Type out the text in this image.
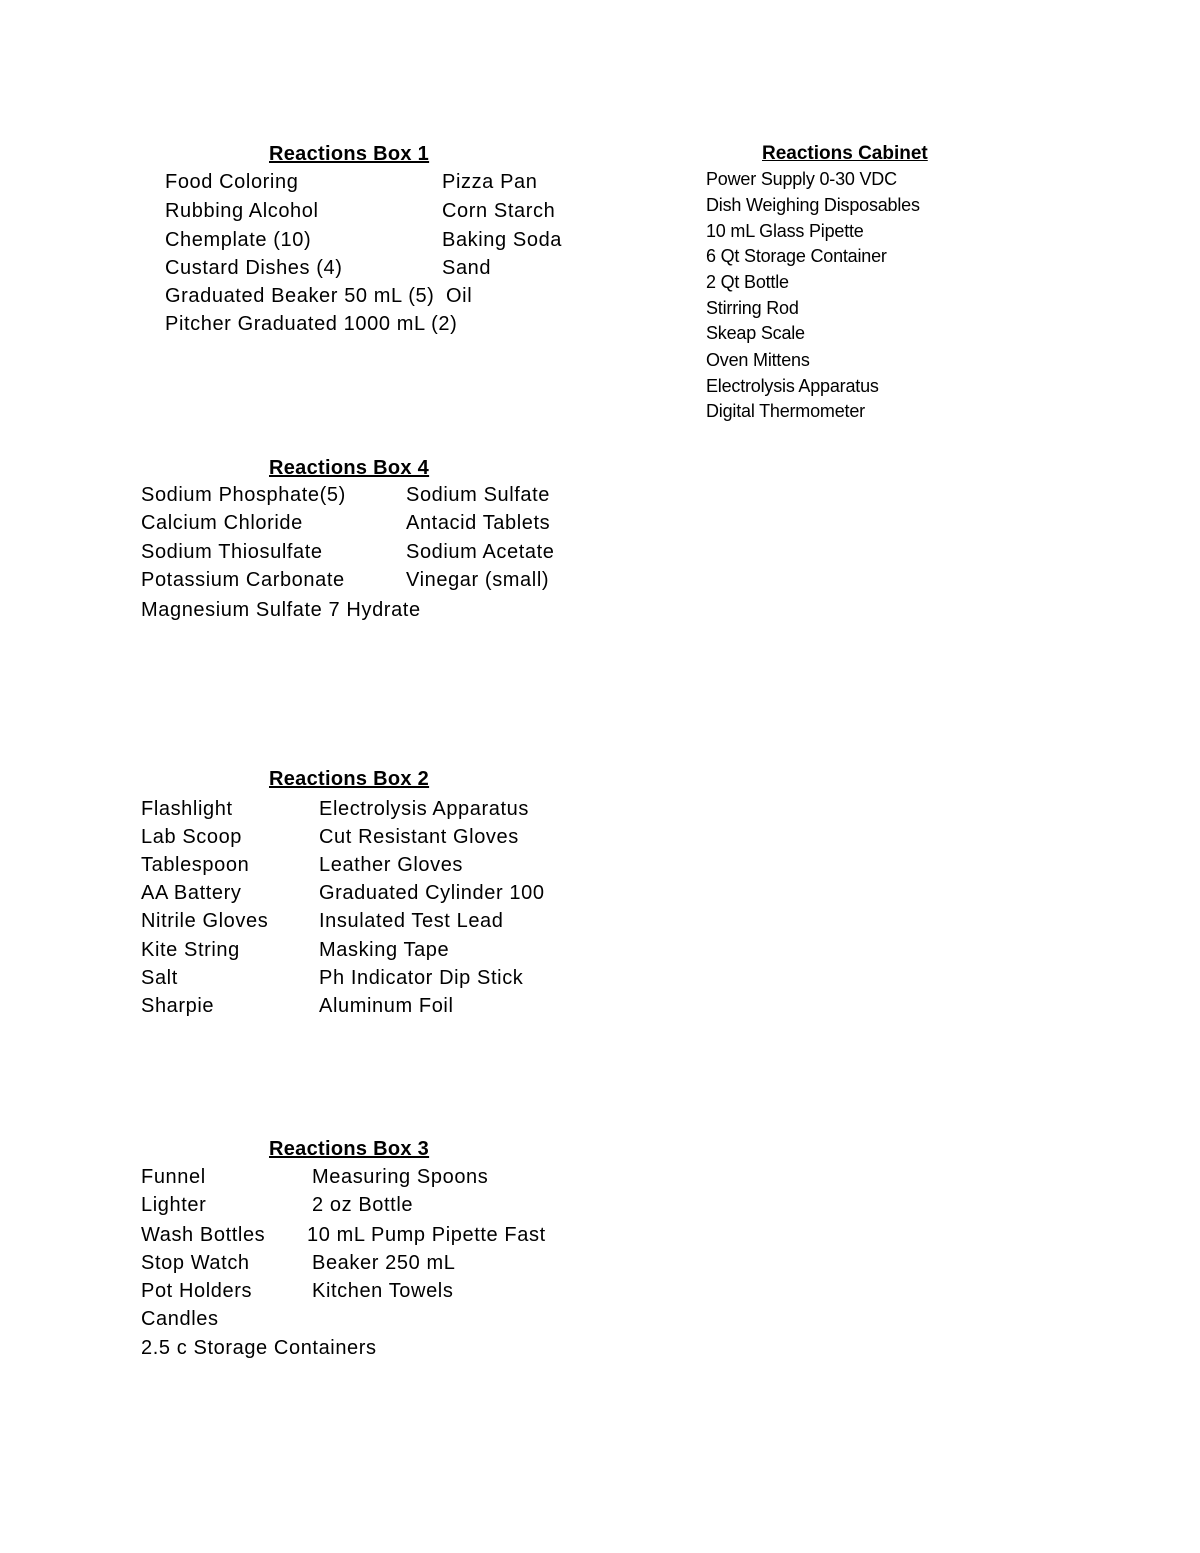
Reactions Box 1
Food Coloring
Rubbing Alcohol
Chemplate (10)
Custard Dishes (4)
Graduated Beaker 50 mL (5)
Pitcher Graduated 1000 mL (2)
Pizza Pan
Corn Starch
Baking Soda
Sand
Oil
Reactions Cabinet
Power Supply 0-30 VDC
Dish Weighing Disposables
10 mL Glass Pipette
6 Qt Storage Container
2 Qt Bottle
Stirring Rod
Skeap Scale
Oven Mittens
Electrolysis Apparatus
Digital Thermometer
Reactions Box 4
Sodium Phosphate(5)
Calcium Chloride
Sodium Thiosulfate
Potassium Carbonate
Magnesium Sulfate 7 Hydrate
Sodium Sulfate
Antacid Tablets
Sodium Acetate
Vinegar (small)
Reactions Box 2
Flashlight
Lab Scoop
Tablespoon
AA Battery
Nitrile Gloves
Kite String
Salt
Sharpie
Electrolysis Apparatus
Cut Resistant Gloves
Leather Gloves
Graduated Cylinder 100
Insulated Test Lead
Masking Tape
Ph Indicator Dip Stick
Aluminum Foil
Reactions Box 3
Funnel
Lighter
Wash Bottles
Stop Watch
Pot Holders
Candles
2.5 c Storage Containers
Measuring Spoons
2 oz Bottle
10 mL Pump Pipette Fast
Beaker 250 mL
Kitchen Towels
